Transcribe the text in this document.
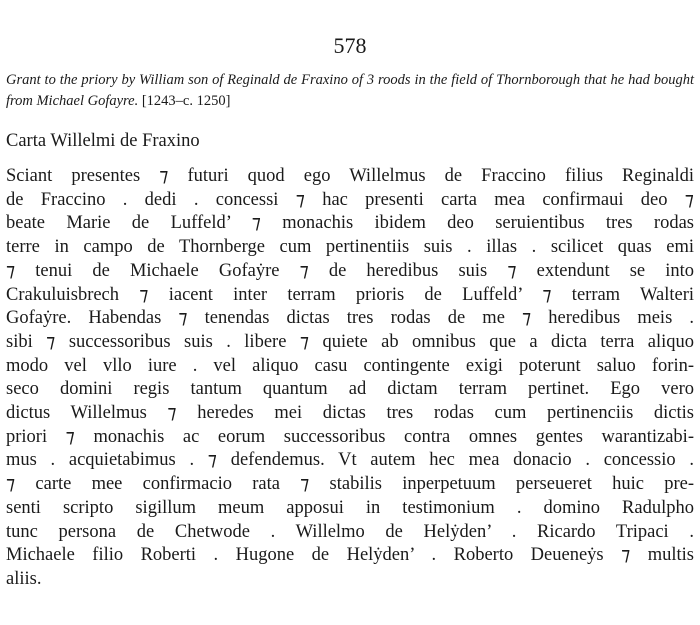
578
Grant to the priory by William son of Reginald de Fraxino of 3 roods in the field of Thornborough that he had bought from Michael Gofayre. [1243–c. 1250]
Carta Willelmi de Fraxino
Sciant presentes ⁊ futuri quod ego Willelmus de Fraccino filius Reginaldi
de Fraccino . dedi . concessi ⁊ hac presenti carta mea confirmaui deo ⁊
beate Marie de Luffeld’ ⁊ monachis ibidem deo seruientibus tres rodas
terre in campo de Thornberge cum pertinentiis suis . illas . scilicet quas emi
⁊ tenui de Michaele Gofaẏre ⁊ de heredibus suis ⁊ extendunt se into
Crakuluisbrech ⁊ iacent inter terram prioris de Luffeld’ ⁊ terram Walteri
Gofaẏre. Habendas ⁊ tenendas dictas tres rodas de me ⁊ heredibus meis .
sibi ⁊ successoribus suis . libere ⁊ quiete ab omnibus que a dicta terra aliquo
modo vel vllo iure . vel aliquo casu contingente exigi poterunt saluo forin-
seco domini regis tantum quantum ad dictam terram pertinet. Ego vero
dictus Willelmus ⁊ heredes mei dictas tres rodas cum pertinenciis dictis
priori ⁊ monachis ac eorum successoribus contra omnes gentes warantizabi-
mus . acquietabimus . ⁊ defendemus. Vt autem hec mea donacio . concessio .
⁊ carte mee confirmacio rata ⁊ stabilis inperpetuum perseueret huic pre-
senti scripto sigillum meum apposui in testimonium . domino Radulpho
tunc persona de Chetwode . Willelmo de Helẏden’ . Ricardo Tripaci .
Michaele filio Roberti . Hugone de Helẏden’ . Roberto Deueneẏs ⁊ multis
aliis.
